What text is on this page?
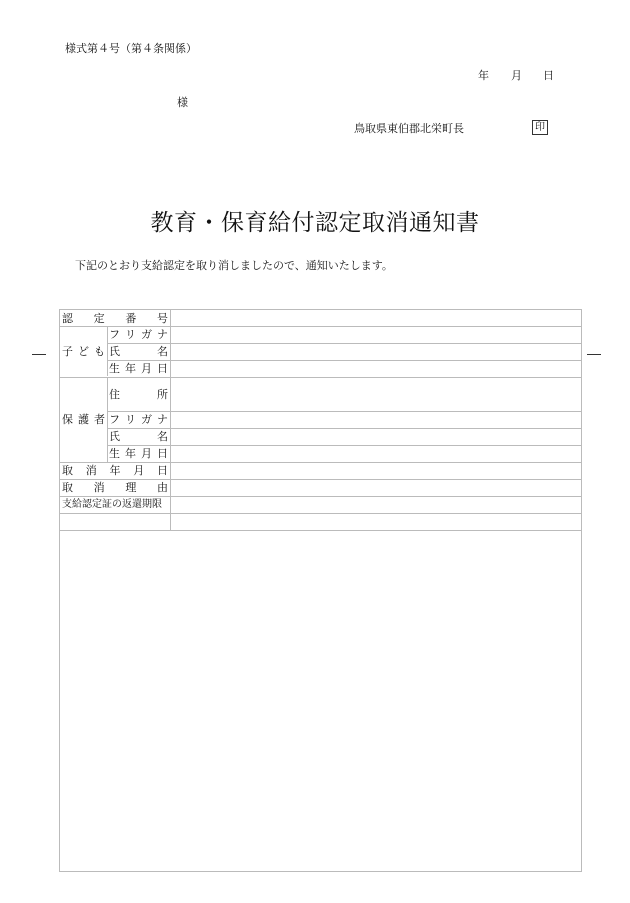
様式第４号（第４条関係）
年 月 日
様
鳥取県東伯郡北栄町長	印
教育・保育給付認定取消通知書
下記のとおり支給認定を取り消しましたので、通知いたします。
認 定 番 号
子 ど も
フ リ ガ ナ
氏	名
生 年 月 日
保 護 者
住	所
フ リ ガ ナ
氏	名
生 年 月 日
取 消 年 月 日
取 消 理 由
支給認定証の返還期限
